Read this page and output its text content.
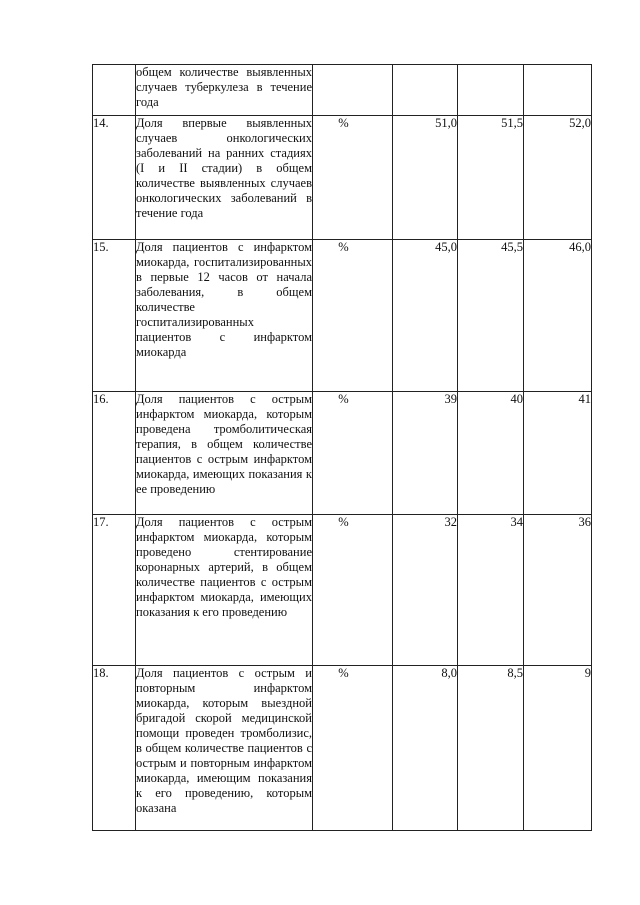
	общем количестве выявленных случаев туберкулеза в течение года				

14.	Доля впервые выявленных случаев онкологических заболеваний на ранних стадиях (I и II стадии) в общем количестве выявленных случаев онкологических заболеваний в течение года	%	51,0	51,5	52,0
15.	Доля пациентов с инфарктом миокарда, госпитализированных в первые 12 часов от начала заболевания, в общем количестве госпитализированных пациентов с инфарктом миокарда	%	45,0	45,5	46,0
16.	Доля пациентов с острым инфарктом миокарда, которым проведена тромболитическая терапия, в общем количестве пациентов с острым инфарктом миокарда, имеющих показания к ее проведению	%	39	40	41
17.	Доля пациентов с острым инфарктом миокарда, которым проведено стентирование коронарных артерий, в общем количестве пациентов с острым инфарктом миокарда, имеющих показания к его проведению	%	32	34	36
18.	Доля пациентов с острым и повторным инфарктом миокарда, которым выездной бригадой скорой медицинской помощи проведен тромболизис, в общем количестве пациентов с острым и повторным инфарктом миокарда, имеющим показания к его проведению, которым оказана	%	8,0	8,5	9
